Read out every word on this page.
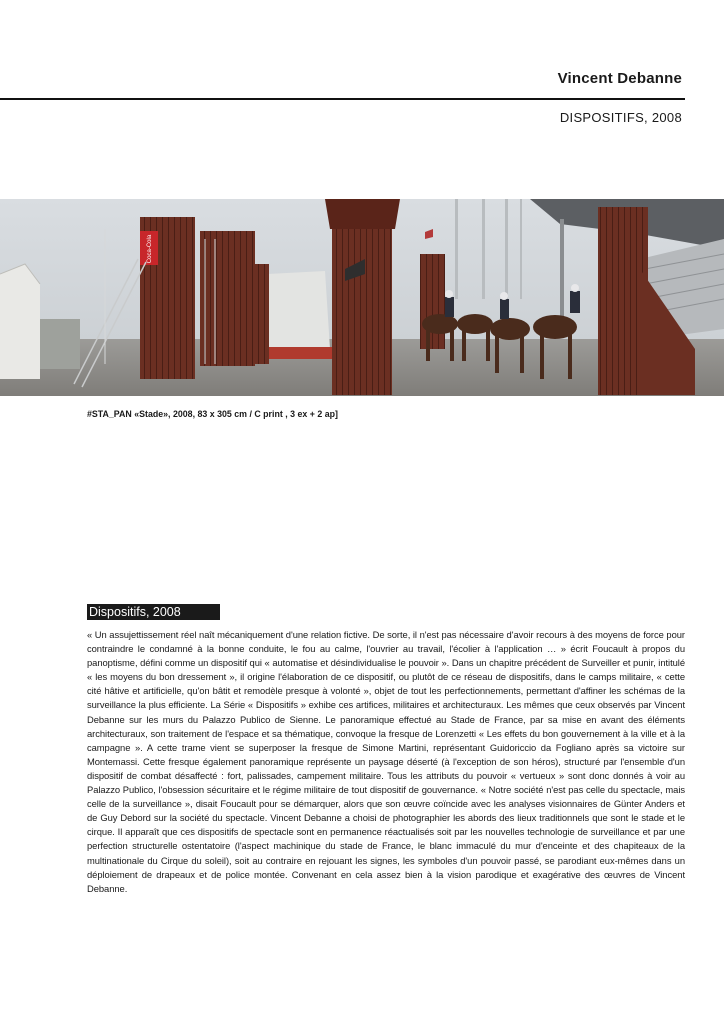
Vincent Debanne
DISPOSITIFS, 2008
Coca-Cola
#STA_PAN «Stade», 2008, 83 x 305 cm / C print , 3 ex + 2 ap]
Dispositifs, 2008

« Un assujettissement réel naît mécaniquement d'une relation fictive. De sorte, il n'est pas nécessaire d'avoir recours à des moyens de force pour contraindre le condamné à la bonne conduite, le fou au calme, l'ouvrier au travail, l'écolier à l'application … » écrit Foucault à propos du panoptisme, défini comme un dispositif qui « automatise et désindividualise le pouvoir ». Dans un chapitre précédent de Surveiller et punir, intitulé « les moyens du bon dressement », il origine l'élaboration de ce dispositif, ou plutôt de ce réseau de dispositifs, dans le camps militaire, « cette cité hâtive et artificielle, qu'on bâtit et remodèle presque à volonté », objet de tout les perfectionnements, permettant d'affiner les schémas de la surveillance la plus efficiente. La Série « Dispositifs » exhibe ces artifices, militaires et architecturaux. Les mêmes que ceux observés par Vincent Debanne sur les murs du Palazzo Publico de Sienne. Le panoramique effectué au Stade de France, par sa mise en avant des éléments architecturaux, son traitement de l'espace et sa thématique, convoque la fresque de Lorenzetti « Les effets du bon gouvernement à la ville et à la campagne ». A cette trame vient se superposer la fresque de Simone Martini, représentant Guidoriccio da Fogliano après sa victoire sur Montemassi. Cette fresque également panoramique représente un paysage déserté (à l'exception de son héros), structuré par l'ensemble d'un dispositif de combat désaffecté : fort, palissades, campement militaire. Tous les attributs du pouvoir « vertueux » sont donc donnés à voir au Palazzo Publico, l'obsession sécuritaire et le régime militaire de tout dispositif de gouvernance. « Notre société n'est pas celle du spectacle, mais celle de la surveillance », disait Foucault pour se démarquer, alors que son œuvre coïncide avec les analyses visionnaires de Günter Anders et de Guy Debord sur la société du spectacle. Vincent Debanne a choisi de photographier les abords des lieux traditionnels que sont le stade et le cirque. Il apparaît que ces dispositifs de spectacle sont en permanence réactualisés soit par les nouvelles technologie de surveillance et par une perfection structurelle ostentatoire (l'aspect machinique du stade de France, le blanc immaculé du mur d'enceinte et des chapiteaux de la multinationale du Cirque du soleil), soit au contraire en rejouant les signes, les symboles d'un pouvoir passé, se parodiant eux-mêmes dans un déploiement de drapeaux et de police montée. Convenant en cela assez bien à la vision parodique et exagérative des œuvres de Vincent Debanne.
